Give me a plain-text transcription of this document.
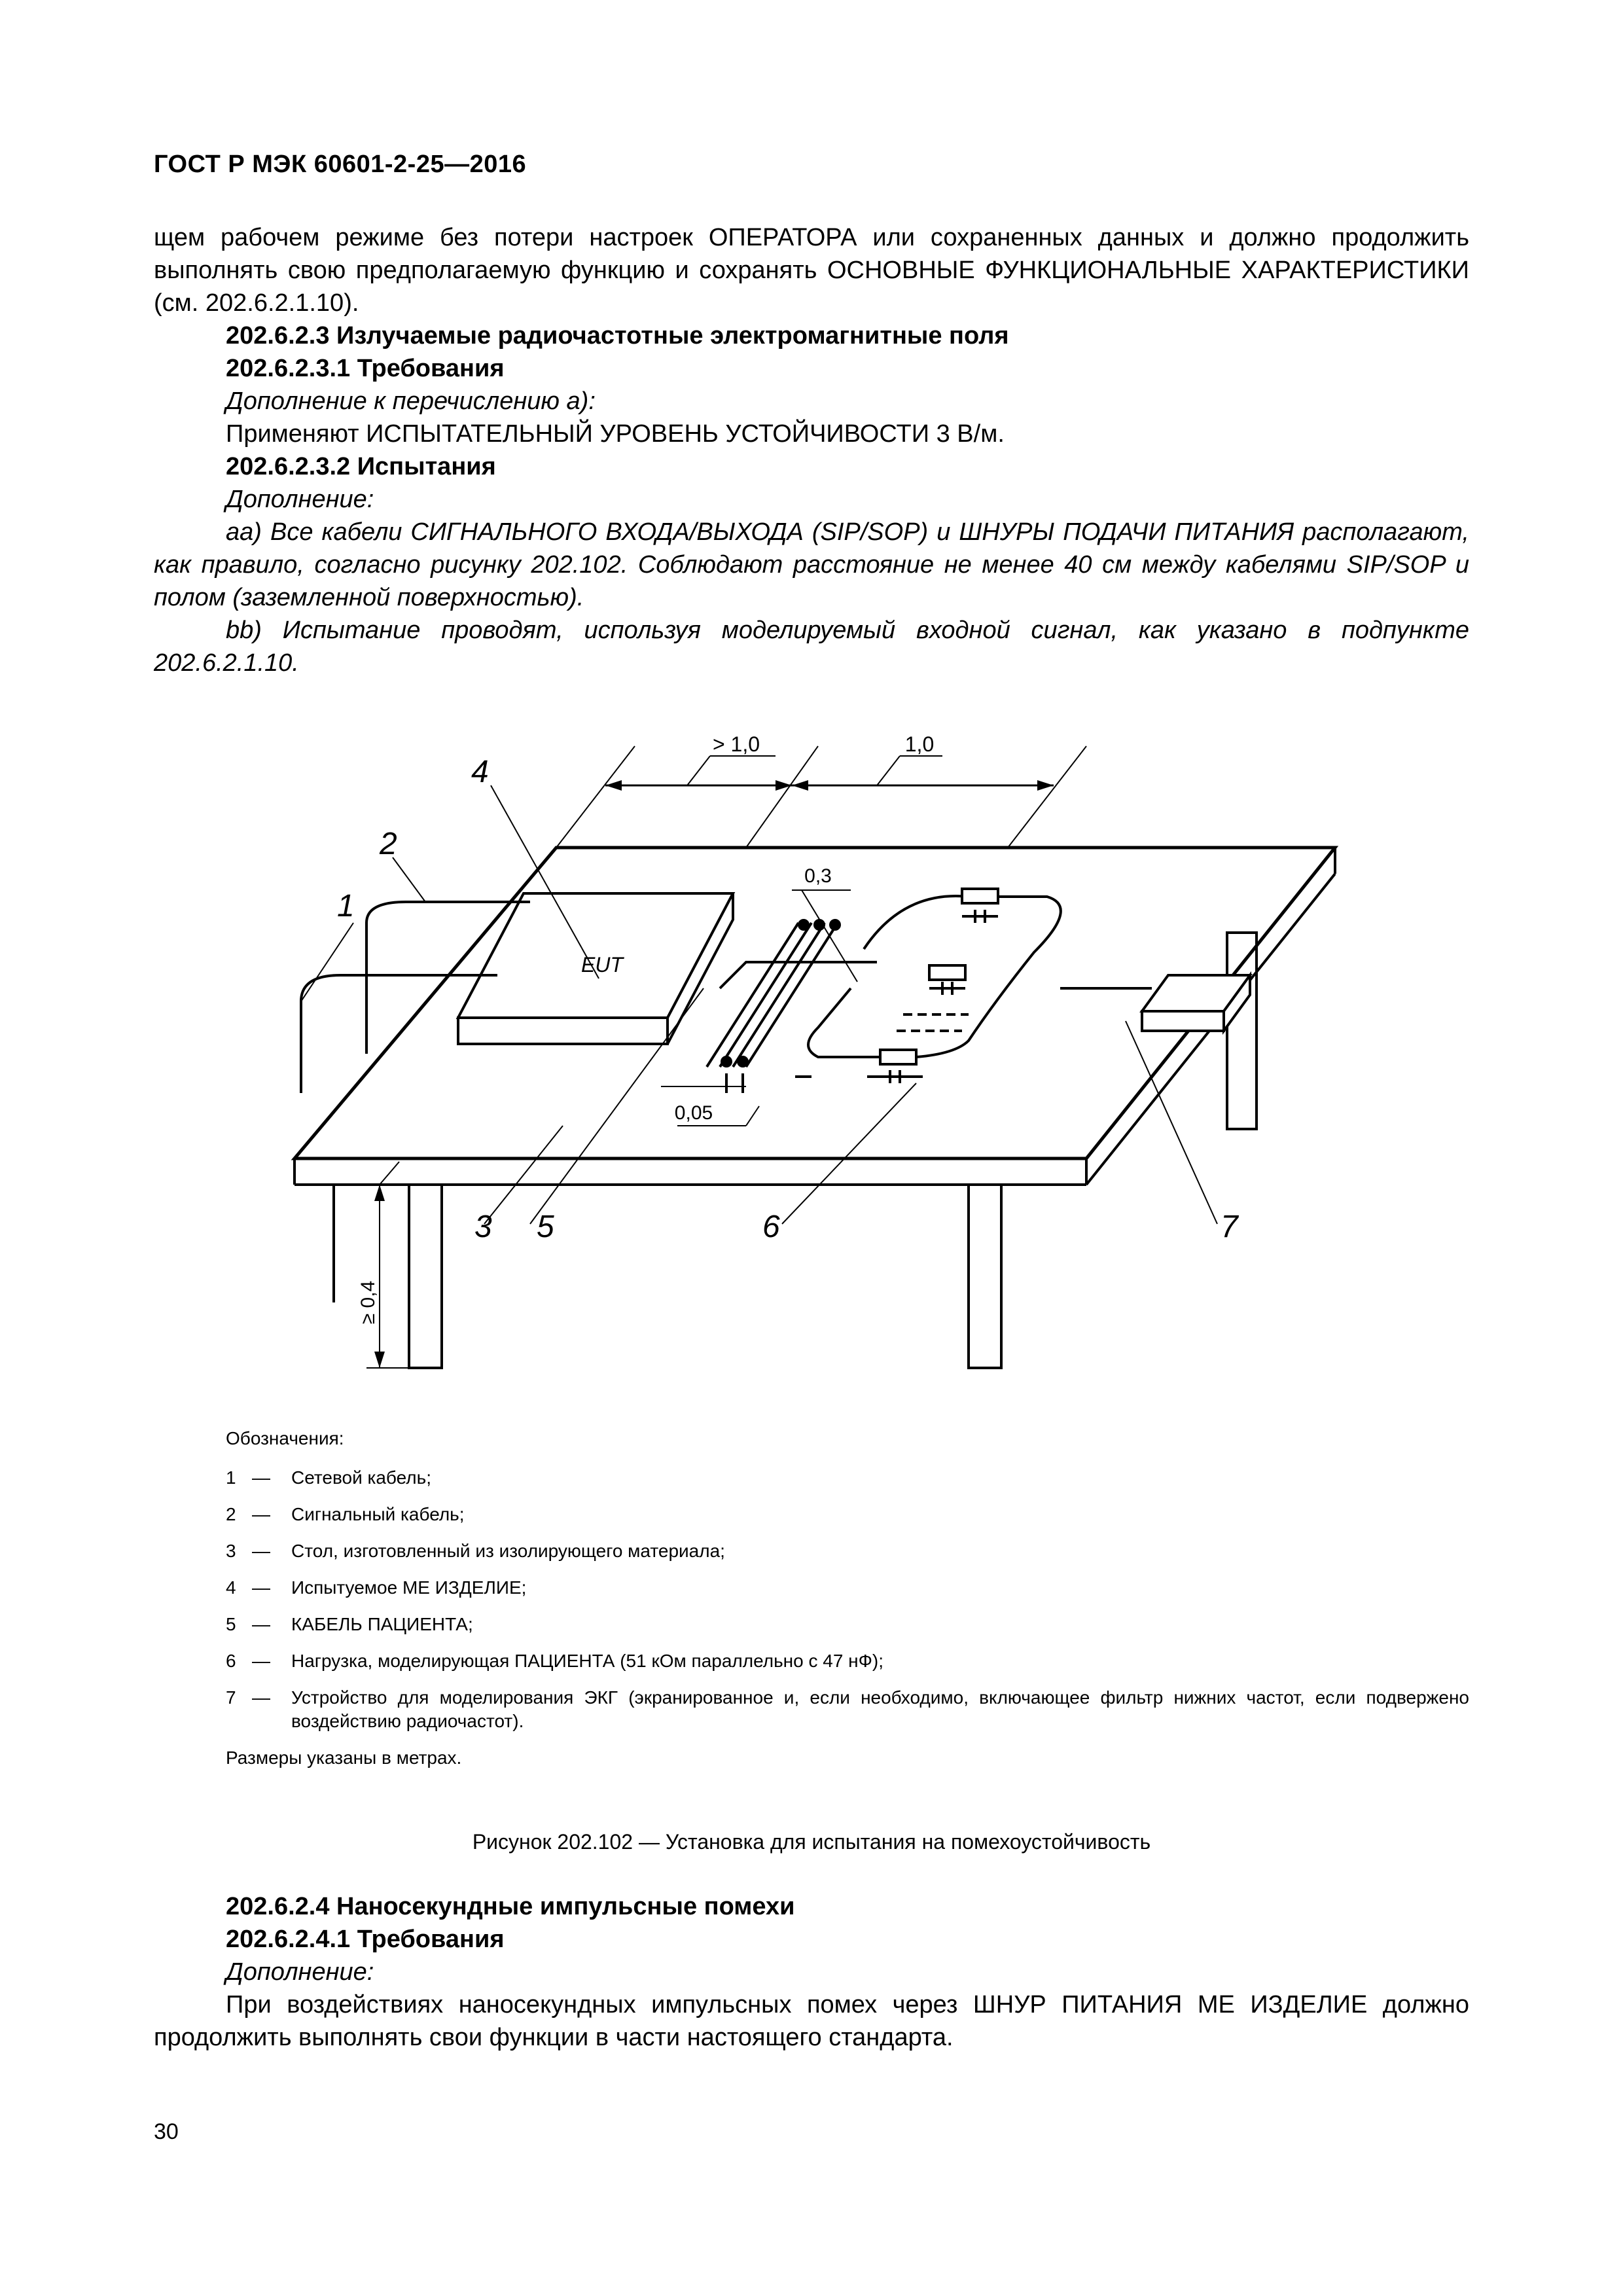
ГОСТ Р МЭК 60601-2-25—2016

щем рабочем режиме без потери настроек ОПЕРАТОРА или сохраненных данных и должно продолжить выполнять свою предполагаемую функцию и сохранять ОСНОВНЫЕ ФУНКЦИОНАЛЬНЫЕ ХАРАКТЕРИСТИКИ (см. 202.6.2.1.10).

202.6.2.3 Излучаемые радиочастотные электромагнитные поля

202.6.2.3.1 Требования

Дополнение к перечислению а):

Применяют ИСПЫТАТЕЛЬНЫЙ УРОВЕНЬ УСТОЙЧИВОСТИ 3 В/м.

202.6.2.3.2 Испытания

Дополнение:

аа) Все кабели СИГНАЛЬНОГО ВХОДА/ВЫХОДА (SIP/SOP) и ШНУРЫ ПОДАЧИ ПИТАНИЯ располагают, как правило, согласно рисунку 202.102. Соблюдают расстояние не менее 40 см между кабелями SIP/SOP и полом (заземленной поверхностью).

bb) Испытание проводят, используя моделируемый входной сигнал, как указано в подпункте 202.6.2.1.10.

EUT
> 1,0	1,0
0,3
0,05
≥ 0,4
1
2
4
3 5	6	7
Обозначения:
1 —	Сетевой кабель;
2 —	Сигнальный кабель;
3 —	Стол, изготовленный из изолирующего материала;
4 —	Испытуемое МЕ ИЗДЕЛИЕ;
5 —	КАБЕЛЬ ПАЦИЕНТА;
6 —	Нагрузка, моделирующая ПАЦИЕНТА (51 кОм параллельно с 47 нФ);
7 —	Устройство для моделирования ЭКГ (экранированное и, если необходимо, включающее фильтр нижних частот, если подвержено воздействию радиочастот).
Размеры указаны в метрах.
Рисунок 202.102 — Установка для испытания на помехоустойчивость

202.6.2.4 Наносекундные импульсные помехи

202.6.2.4.1 Требования

Дополнение:

При воздействиях наносекундных импульсных помех через ШНУР ПИТАНИЯ МЕ ИЗДЕЛИЕ должно продолжить выполнять свои функции в части настоящего стандарта.

30
